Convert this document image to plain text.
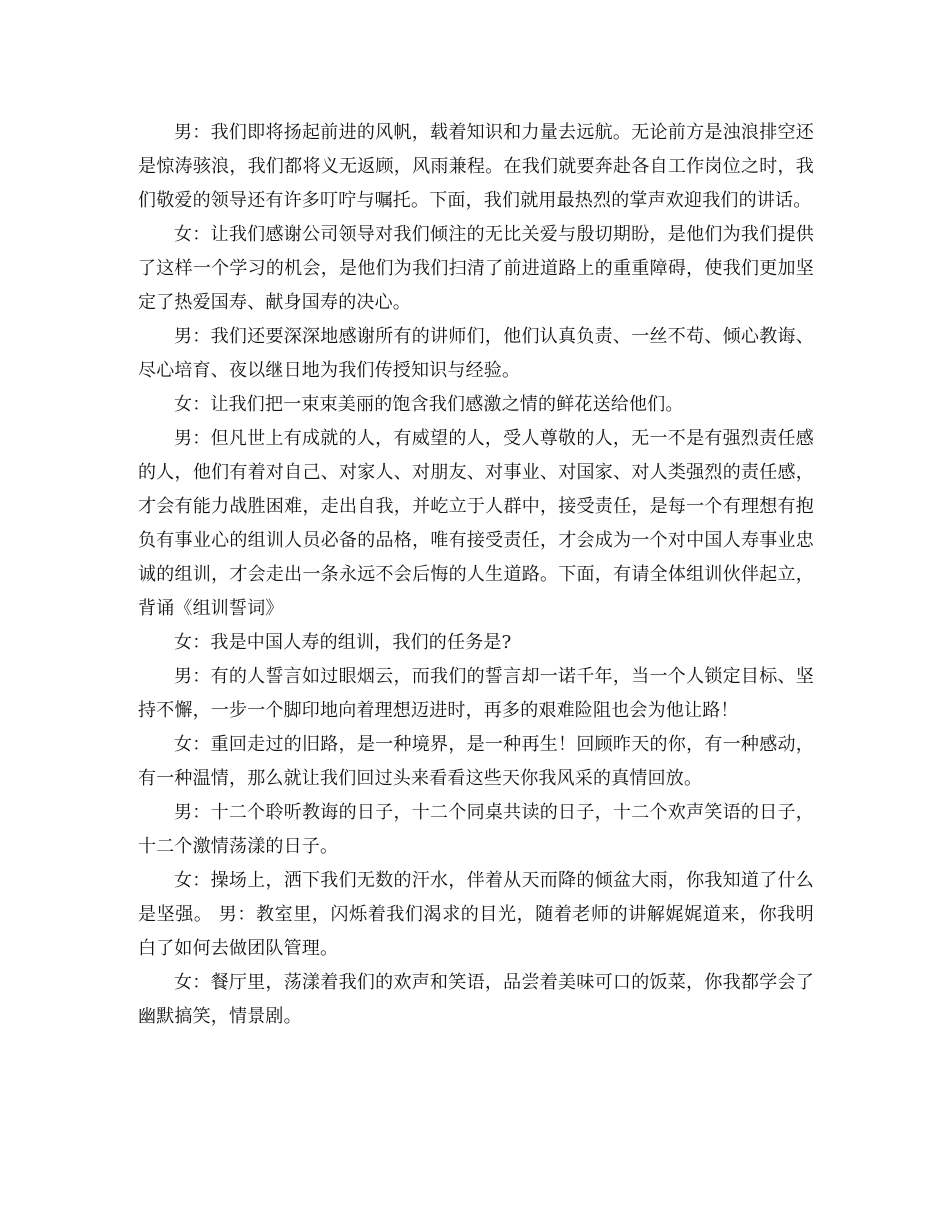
男：我们即将扬起前进的风帆，载着知识和力量去远航。无论前方是浊浪排空还是惊涛骇浪，我们都将义无返顾，风雨兼程。在我们就要奔赴各自工作岗位之时，我们敬爱的领导还有许多叮咛与嘱托。下面，我们就用最热烈的掌声欢迎我们的讲话。

女：让我们感谢公司领导对我们倾注的无比关爱与殷切期盼，是他们为我们提供了这样一个学习的机会，是他们为我们扫清了前进道路上的重重障碍，使我们更加坚定了热爱国寿、献身国寿的决心。

男：我们还要深深地感谢所有的讲师们，他们认真负责、一丝不苟、倾心教诲、尽心培育、夜以继日地为我们传授知识与经验。

女：让我们把一束束美丽的饱含我们感激之情的鲜花送给他们。

男：但凡世上有成就的人，有威望的人，受人尊敬的人，无一不是有强烈责任感的人，他们有着对自己、对家人、对朋友、对事业、对国家、对人类强烈的责任感，才会有能力战胜困难，走出自我，并屹立于人群中，接受责任，是每一个有理想有抱负有事业心的组训人员必备的品格，唯有接受责任，才会成为一个对中国人寿事业忠诚的组训，才会走出一条永远不会后悔的人生道路。下面，有请全体组训伙伴起立，背诵《组训誓词》

女：我是中国人寿的组训，我们的任务是?

男：有的人誓言如过眼烟云，而我们的誓言却一诺千年，当一个人锁定目标、坚持不懈，一步一个脚印地向着理想迈进时，再多的艰难险阻也会为他让路！

女：重回走过的旧路，是一种境界，是一种再生！回顾昨天的你，有一种感动，有一种温情，那么就让我们回过头来看看这些天你我风采的真情回放。

男：十二个聆听教诲的日子，十二个同桌共读的日子，十二个欢声笑语的日子，十二个激情荡漾的日子。

女：操场上，洒下我们无数的汗水，伴着从天而降的倾盆大雨，你我知道了什么是坚强。 男：教室里，闪烁着我们渴求的目光，随着老师的讲解娓娓道来，你我明白了如何去做团队管理。

女：餐厅里，荡漾着我们的欢声和笑语，品尝着美味可口的饭菜，你我都学会了幽默搞笑，情景剧。
